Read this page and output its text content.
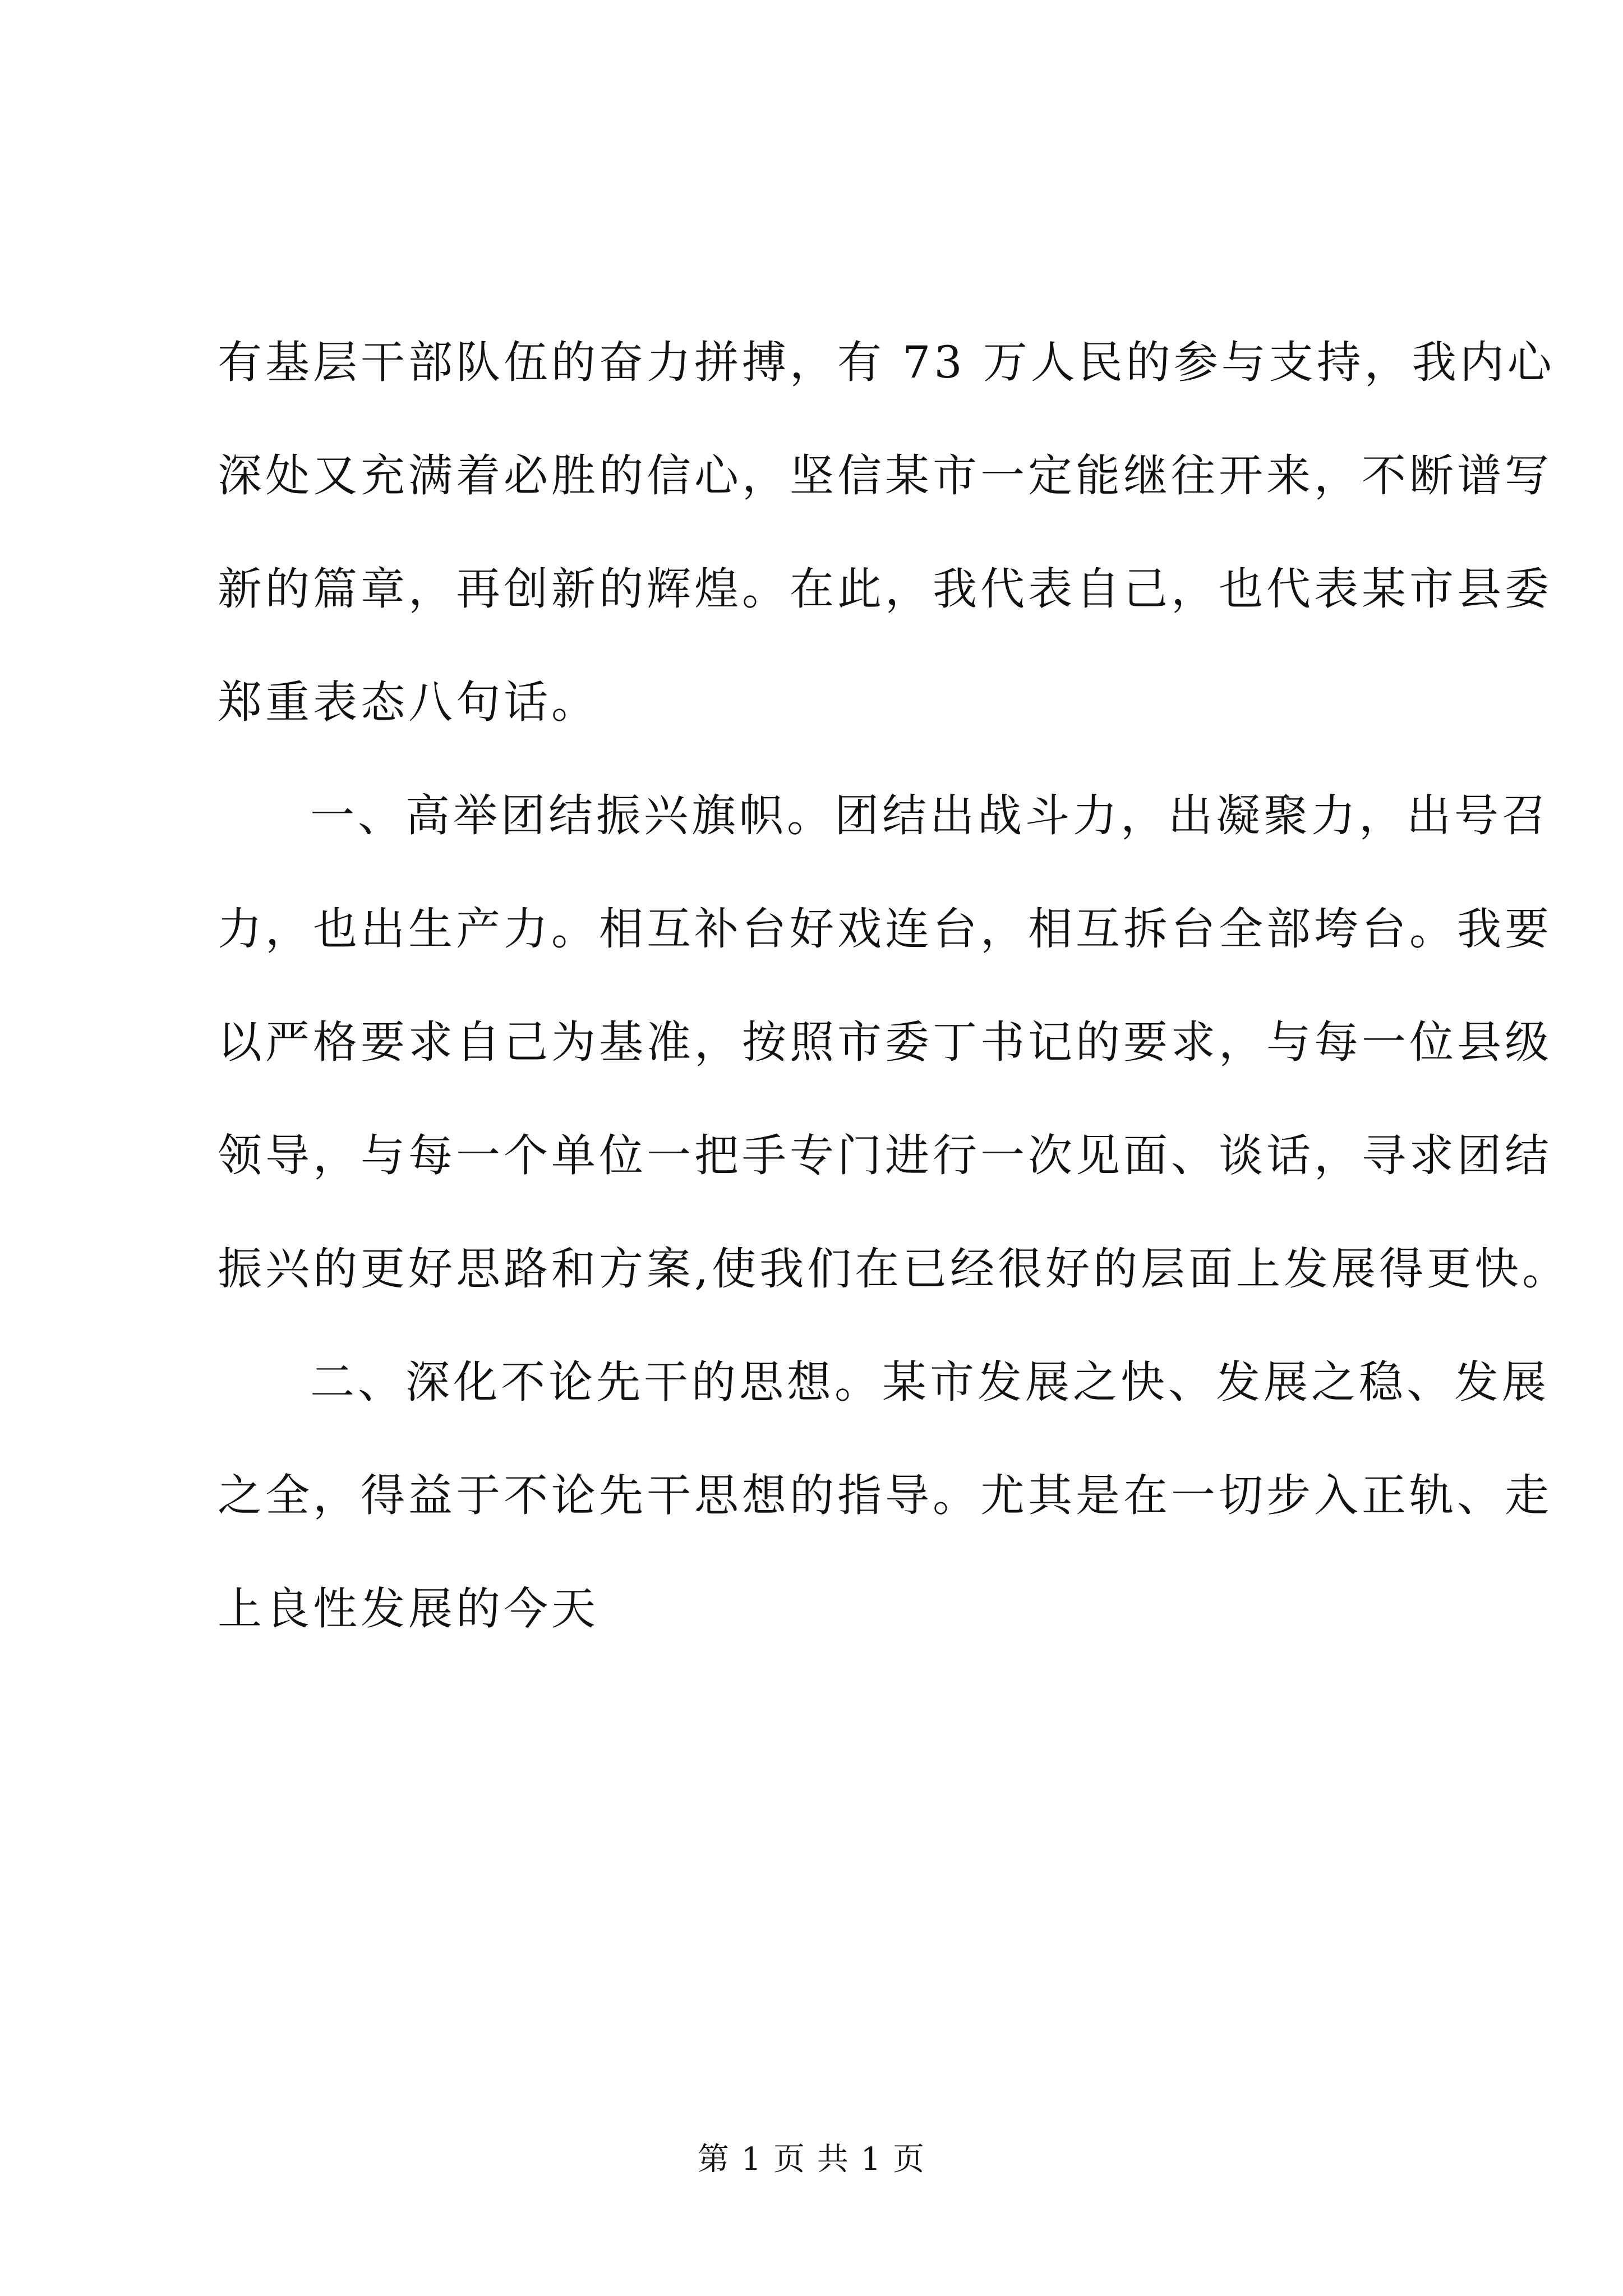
有基层干部队伍的奋力拼搏，有 73 万人民的参与支持，我内心
深处又充满着必胜的信心，坚信某市一定能继往开来，不断谱写
新的篇章，再创新的辉煌。在此，我代表自己，也代表某市县委
郑重表态八句话。
一、高举团结振兴旗帜。团结出战斗力，出凝聚力，出号召
力，也出生产力。相互补台好戏连台，相互拆台全部垮台。我要
以严格要求自己为基准，按照市委丁书记的要求，与每一位县级
领导，与每一个单位一把手专门进行一次见面、谈话，寻求团结
振兴的更好思路和方案,使我们在已经很好的层面上发展得更快。
二、深化不论先干的思想。某市发展之快、发展之稳、发展
之全，得益于不论先干思想的指导。尤其是在一切步入正轨、走
上良性发展的今天
第 1 页 共 1 页
